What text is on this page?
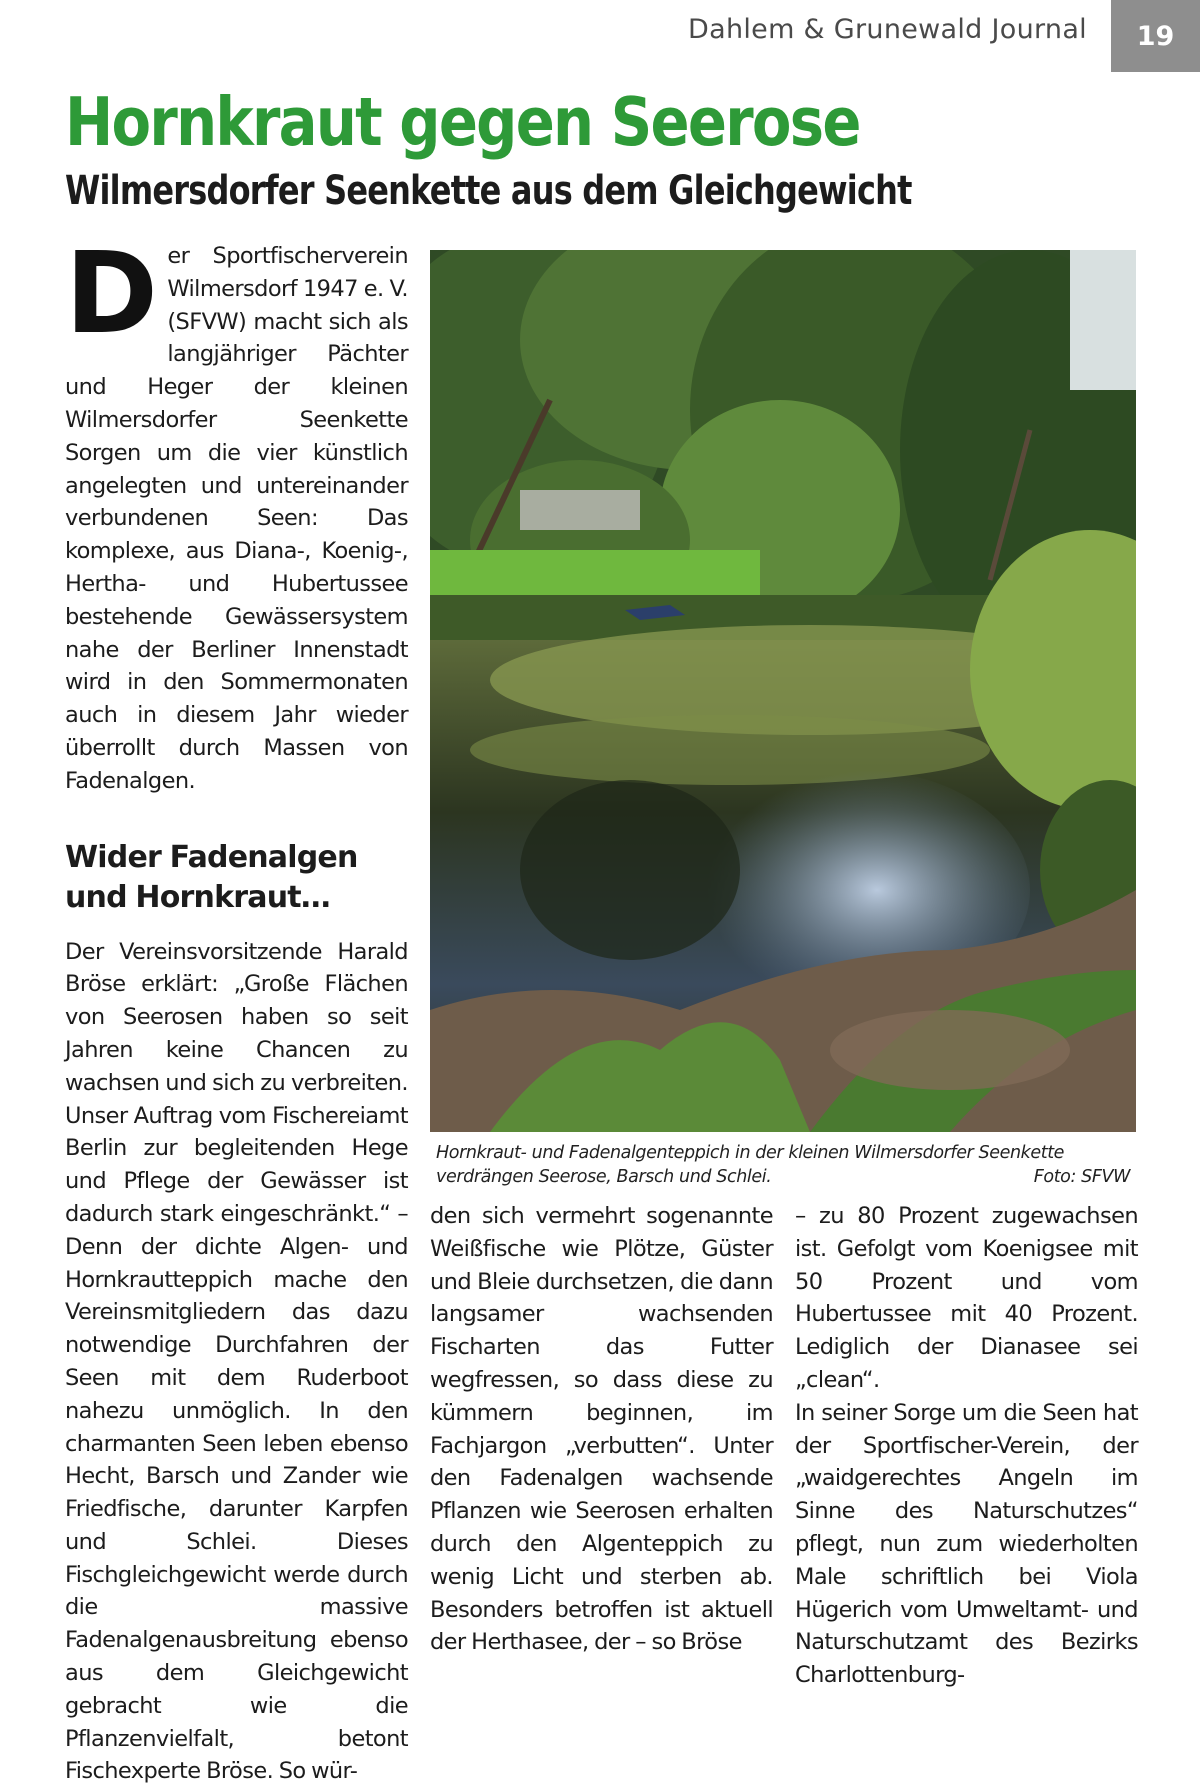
Dahlem & Grunewald Journal	19
Hornkraut gegen Seerose
Wilmersdorfer Seenkette aus dem Gleichgewicht

Der Sportfischerverein Wilmersdorf 1947 e. V. (SFVW) macht sich als langjähriger Pächter und Heger der kleinen Wilmersdorfer Seenkette Sorgen um die vier künstlich angelegten und untereinander verbundenen Seen: Das komplexe, aus Diana-, Koenig-, Hertha- und Hubertussee bestehende Gewässersystem nahe der Berliner Innenstadt wird in den Sommermonaten auch in diesem Jahr wieder überrollt durch Massen von Fadenalgen.

Wider Fadenalgen und Hornkraut…

Der Vereinsvorsitzende Harald Bröse erklärt: „Große Flächen von Seerosen haben so seit Jahren keine Chancen zu wachsen und sich zu verbreiten. Unser Auftrag vom Fischereiamt Berlin zur begleitenden Hege und Pflege der Gewässer ist dadurch stark eingeschränkt.“ – Denn der dichte Algen- und Hornkrautteppich mache den Vereinsmitgliedern das dazu notwendige Durchfahren der Seen mit dem Ruderboot nahezu unmöglich. In den charmanten Seen leben ebenso Hecht, Barsch und Zander wie Friedfische, darunter Karpfen und Schlei. Dieses Fischgleichgewicht werde durch die massive Fadenalgenausbreitung ebenso aus dem Gleichgewicht gebracht wie die Pflanzenvielfalt, betont Fischexperte Bröse. So wür-

Hornkraut- und Fadenalgenteppich in der kleinen Wilmersdorfer Seenkette verdrängen Seerose, Barsch und Schlei.	Foto: SFVW

den sich vermehrt sogenannte Weißfische wie Plötze, Güster und Bleie durchsetzen, die dann langsamer wachsenden Fischarten das Futter wegfressen, so dass diese zu kümmern beginnen, im Fachjargon „verbutten“. Unter den Fadenalgen wachsende Pflanzen wie Seerosen erhalten durch den Algenteppich zu wenig Licht und sterben ab. Besonders betroffen ist aktuell der Herthasee, der – so Bröse

– zu 80 Prozent zugewachsen ist. Gefolgt vom Koenigsee mit 50 Prozent und vom Hubertussee mit 40 Prozent. Lediglich der Dianasee sei „clean“.

In seiner Sorge um die Seen hat der Sportfischer-Verein, der „waidgerechtes Angeln im Sinne des Naturschutzes“ pflegt, nun zum wiederholten Male schriftlich bei Viola Hügerich vom Umweltamt- und Naturschutzamt des Bezirks Charlottenburg-
